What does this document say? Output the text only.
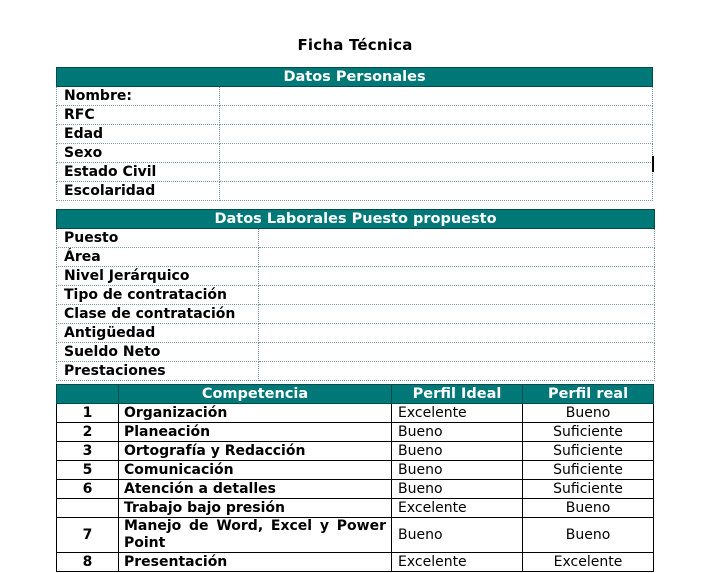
Ficha Técnica
Datos Personales	
Nombre:	
RFC	
Edad	
Sexo	
Estado Civil	
Escolaridad	
Datos Laborales Puesto propuesto	
Puesto	
Área	
Nivel Jerárquico	
Tipo de contratación	
Clase de contratación	
Antigüedad	
Sueldo Neto	
Prestaciones	
	Competencia	Perfil Ideal	Perfil real
1	Organización	Excelente	Bueno
2	Planeación	Bueno	Suficiente
3	Ortografía y Redacción	Bueno	Suficiente
5	Comunicación	Bueno	Suficiente
6	Atención a detalles	Bueno	Suficiente
	Trabajo bajo presión	Excelente	Bueno
7	Manejo de Word, Excel y Power Point	Bueno	Bueno
8	Presentación	Excelente	Excelente
